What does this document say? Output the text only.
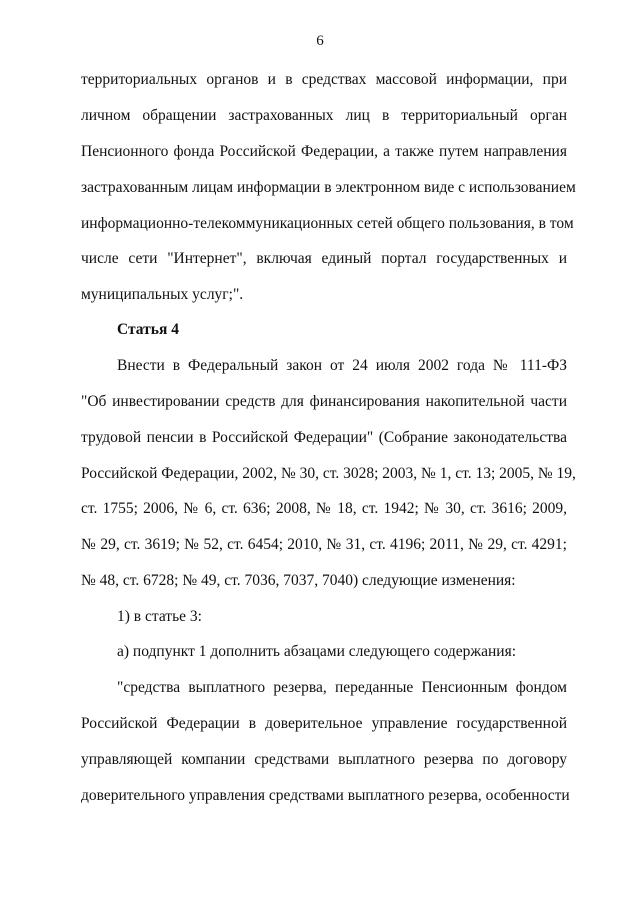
6
территориальных органов и в средствах массовой информации, при
личном обращении застрахованных лиц в территориальный орган
Пенсионного фонда Российской Федерации, а также путем направления
застрахованным лицам информации в электронном виде с использованием
информационно-телекоммуникационных сетей общего пользования, в том
числе сети "Интернет", включая единый портал государственных и
муниципальных услуг;".
Статья 4
Внести в Федеральный закон от 24 июля 2002 года № 111-ФЗ
"Об инвестировании средств для финансирования накопительной части
трудовой пенсии в Российской Федерации" (Собрание законодательства
Российской Федерации, 2002, № 30, ст. 3028; 2003, № 1, ст. 13; 2005, № 19,
ст. 1755; 2006, № 6, ст. 636; 2008, № 18, ст. 1942; № 30, ст. 3616; 2009,
№ 29, ст. 3619; № 52, ст. 6454; 2010, № 31, ст. 4196; 2011, № 29, ст. 4291;
№ 48, ст. 6728; № 49, ст. 7036, 7037, 7040) следующие изменения:
1) в статье 3:
а) подпункт 1 дополнить абзацами следующего содержания:
"средства выплатного резерва, переданные Пенсионным фондом
Российской Федерации в доверительное управление государственной
управляющей компании средствами выплатного резерва по договору
доверительного управления средствами выплатного резерва, особенности
